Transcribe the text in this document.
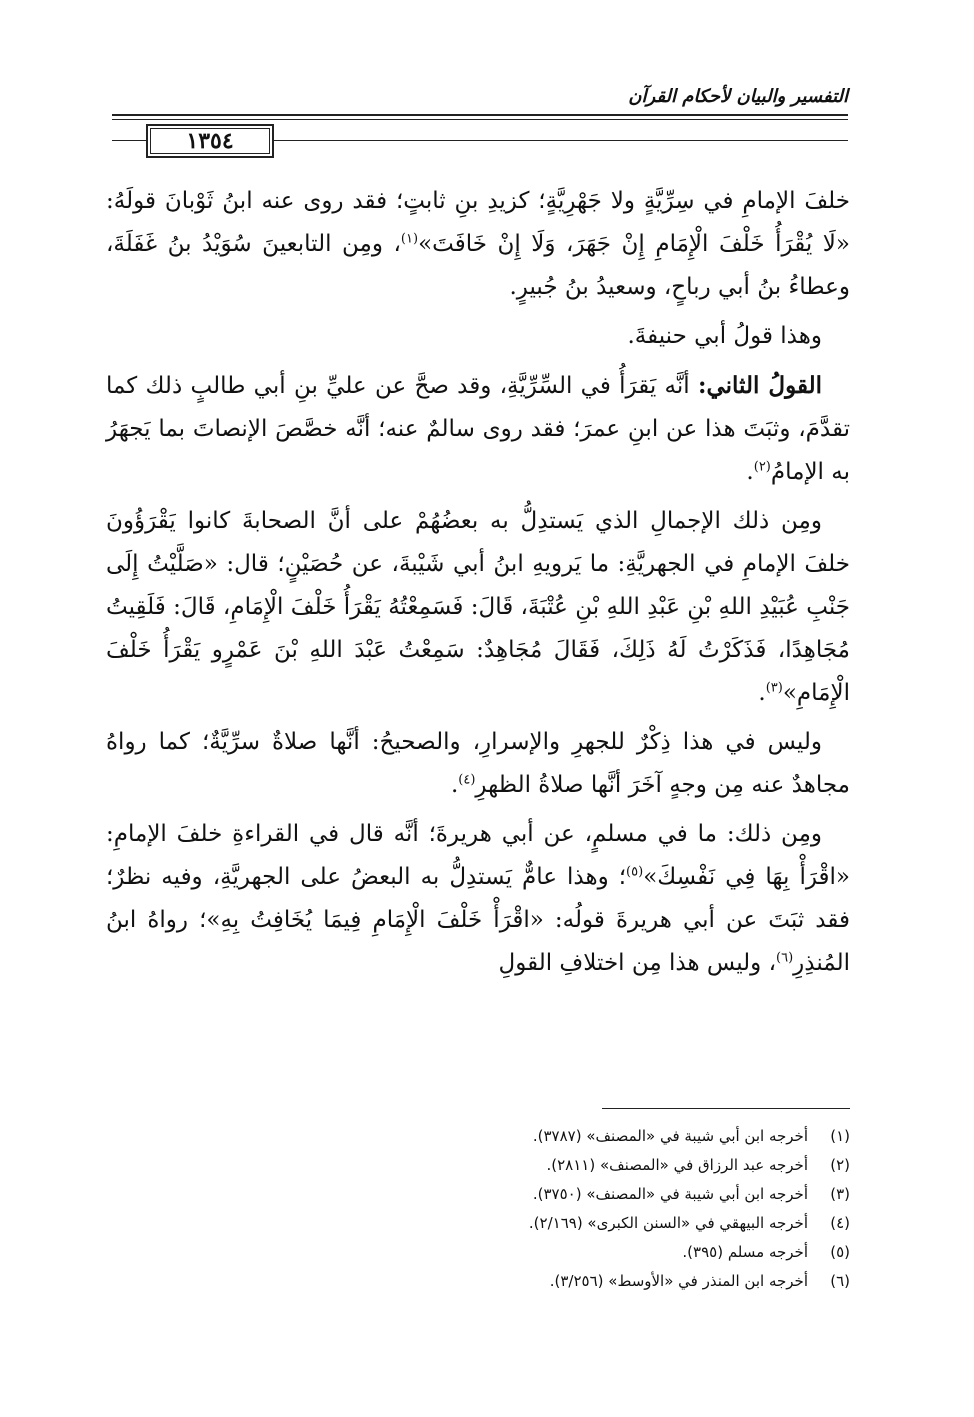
التفسير والبيان لأحكام القرآن
١٣٥٤

خلفَ الإمامِ في سِرِّيَّةٍ ولا جَهْرِيَّةٍ؛ كزيدِ بنِ ثابتٍ؛ فقد روى عنه ابنُ ثَوْبانَ قولَهُ: «لَا يُقْرَأُ خَلْفَ الْإِمَامِ إِنْ جَهَرَ، وَلَا إِنْ خَافَتَ»$^{(١)}$، ومِن التابعينَ سُوَيْدُ بنُ غَفَلَةَ، وعطاءُ بنُ أبي رباحٍ، وسعيدُ بنُ جُبيرٍ.

وهذا قولُ أبي حنيفةَ.

القولُ الثاني: أنَّه يَقرَأُ في السِّرِّيَّةِ، وقد صحَّ عن عليِّ بنِ أبي طالبٍ ذلك كما تقدَّمَ، وثبَتَ هذا عن ابنِ عمرَ؛ فقد روى سالمٌ عنه؛ أنَّه خصَّصَ الإنصاتَ بما يَجهَرُ به الإمامُ$^{(٢)}$.

ومِن ذلك الإجمالِ الذي يَستدِلُّ به بعضُهُمْ على أنَّ الصحابةَ كانوا يَقْرَؤُونَ خلفَ الإمامِ في الجهريَّةِ: ما يَرويهِ ابنُ أبي شَيْبةَ، عن حُصَيْنٍ؛ قال: «صَلَّيْتُ إِلَى جَنْبِ عُبَيْدِ اللهِ بْنِ عَبْدِ اللهِ بْنِ عُتْبَةَ، قَالَ: فَسَمِعْتُهُ يَقْرَأُ خَلْفَ الْإِمَامِ، قَالَ: فَلَقِيتُ مُجَاهِدًا، فَذَكَرْتُ لَهُ ذَلِكَ، فَقَالَ مُجَاهِدٌ: سَمِعْتُ عَبْدَ اللهِ بْنَ عَمْرٍو يَقْرَأُ خَلْفَ الْإِمَامِ»$^{(٣)}$.

وليس في هذا ذِكْرٌ للجهرِ والإسرارِ، والصحيحُ: أنَّها صلاةٌ سرِّيَّةٌ؛ كما رواهُ مجاهدٌ عنه مِن وجهٍ آخَرَ أنَّها صلاةُ الظهرِ$^{(٤)}$.

ومِن ذلك: ما في مسلمٍ، عن أبي هريرةَ؛ أنَّه قال في القراءةِ خلفَ الإمامِ: «اقْرَأْ بِهَا فِي نَفْسِكَ»$^{(٥)}$؛ وهذا عامٌّ يَستدِلُّ به البعضُ على الجهريَّةِ، وفيه نظرٌ؛ فقد ثبَتَ عن أبي هريرةَ قولُه: «اقْرَأْ خَلْفَ الْإِمَامِ فِيمَا يُخَافِتُ بِهِ»؛ رواهُ ابنُ المُنذِرِ$^{(٦)}$، وليس هذا مِن اختلافِ القولِ

(١)
أخرجه ابن أبي شيبة في «المصنف» (٣٧٨٧).
(٢)
أخرجه عبد الرزاق في «المصنف» (٢٨١١).
(٣)
أخرجه ابن أبي شيبة في «المصنف» (٣٧٥٠).
(٤)
أخرجه البيهقي في «السنن الكبرى» (٢/١٦٩).
(٥)
أخرجه مسلم (٣٩٥).
(٦)
أخرجه ابن المنذر في «الأوسط» (٣/٢٥٦).
